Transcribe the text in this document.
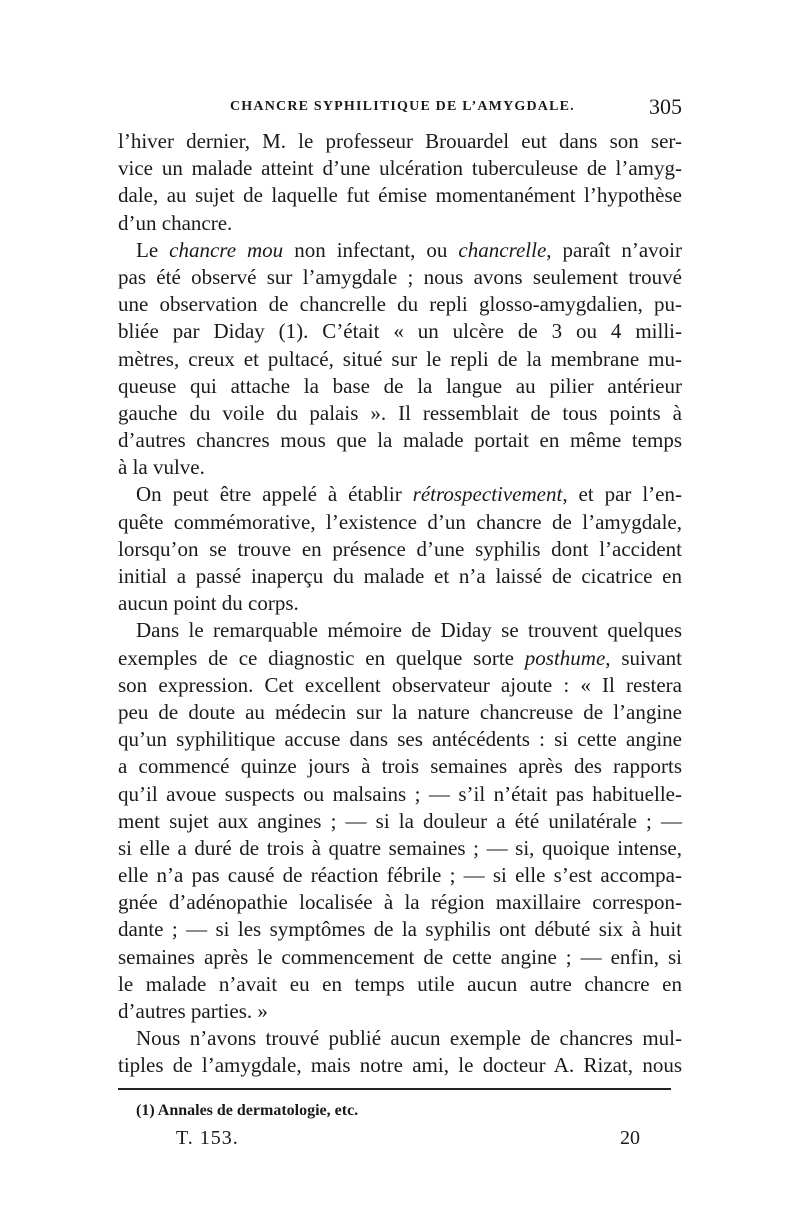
CHANCRE SYPHILITIQUE DE L’AMYGDALE.	305
l’hiver dernier, M. le professeur Brouardel eut dans son ser-
vice un malade atteint d’une ulcération tuberculeuse de l’amyg-
dale, au sujet de laquelle fut émise momentanément l’hypothèse
d’un chancre.
Le chancre mou non infectant, ou chancrelle, paraît n’avoir
pas été observé sur l’amygdale ; nous avons seulement trouvé
une observation de chancrelle du repli glosso-amygdalien, pu-
bliée par Diday (1). C’était « un ulcère de 3 ou 4 milli-
mètres, creux et pultacé, situé sur le repli de la membrane mu-
queuse qui attache la base de la langue au pilier antérieur
gauche du voile du palais ». Il ressemblait de tous points à
d’autres chancres mous que la malade portait en même temps
à la vulve.
On peut être appelé à établir rétrospectivement, et par l’en-
quête commémorative, l’existence d’un chancre de l’amygdale,
lorsqu’on se trouve en présence d’une syphilis dont l’accident
initial a passé inaperçu du malade et n’a laissé de cicatrice en
aucun point du corps.
Dans le remarquable mémoire de Diday se trouvent quelques
exemples de ce diagnostic en quelque sorte posthume, suivant
son expression. Cet excellent observateur ajoute : « Il restera
peu de doute au médecin sur la nature chancreuse de l’angine
qu’un syphilitique accuse dans ses antécédents : si cette angine
a commencé quinze jours à trois semaines après des rapports
qu’il avoue suspects ou malsains ; — s’il n’était pas habituelle-
ment sujet aux angines ; — si la douleur a été unilatérale ; —
si elle a duré de trois à quatre semaines ; — si, quoique intense,
elle n’a pas causé de réaction fébrile ; — si elle s’est accompa-
gnée d’adénopathie localisée à la région maxillaire correspon-
dante ; — si les symptômes de la syphilis ont débuté six à huit
semaines après le commencement de cette angine ; — enfin, si
le malade n’avait eu en temps utile aucun autre chancre en
d’autres parties. »
Nous n’avons trouvé publié aucun exemple de chancres mul-
tiples de l’amygdale, mais notre ami, le docteur A. Rizat, nous
(1) Annales de dermatologie, etc.
T. 153.	20
